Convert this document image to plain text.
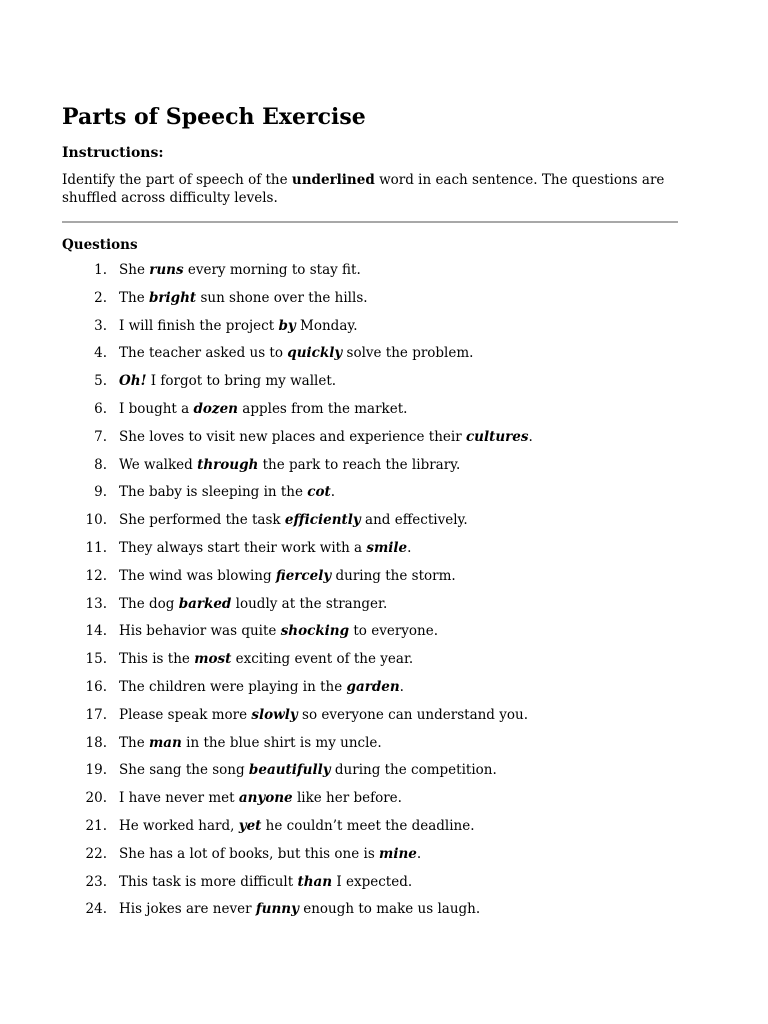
Parts of Speech Exercise
Instructions:

Identify the part of speech of the underlined word in each sentence. The questions are shuffled across difficulty levels.

Questions
1. She runs every morning to stay fit.
2. The bright sun shone over the hills.
3. I will finish the project by Monday.
4. The teacher asked us to quickly solve the problem.
5. Oh! I forgot to bring my wallet.
6. I bought a dozen apples from the market.
7. She loves to visit new places and experience their cultures.
8. We walked through the park to reach the library.
9. The baby is sleeping in the cot.
10. She performed the task efficiently and effectively.
11. They always start their work with a smile.
12. The wind was blowing fiercely during the storm.
13. The dog barked loudly at the stranger.
14. His behavior was quite shocking to everyone.
15. This is the most exciting event of the year.
16. The children were playing in the garden.
17. Please speak more slowly so everyone can understand you.
18. The man in the blue shirt is my uncle.
19. She sang the song beautifully during the competition.
20. I have never met anyone like her before.
21. He worked hard, yet he couldn’t meet the deadline.
22. She has a lot of books, but this one is mine.
23. This task is more difficult than I expected.
24. His jokes are never funny enough to make us laugh.
